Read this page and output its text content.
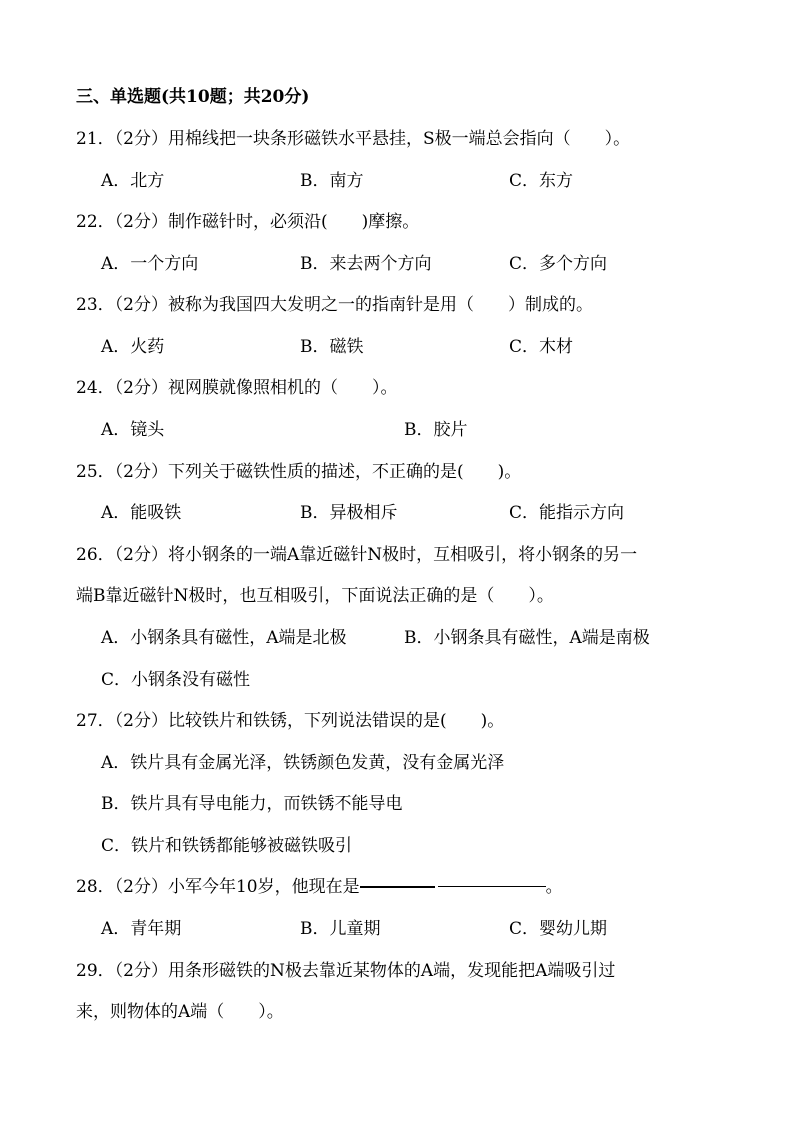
三、单选题(共10题；共20分)
21．（2分）用棉线把一块条形磁铁水平悬挂，S极一端总会指向（　　）。
A．北方	B．南方	C．东方
22．（2分）制作磁针时，必须沿(　　)摩擦。
A．一个方向	B．来去两个方向	C．多个方向
23．（2分）被称为我国四大发明之一的指南针是用（　　）制成的。
A．火药	B．磁铁	C．木材
24．（2分）视网膜就像照相机的（　　）。
A．镜头	B．胶片
25．（2分）下列关于磁铁性质的描述，不正确的是(　　)。
A．能吸铁	B．异极相斥	C．能指示方向
26．（2分）将小钢条的一端A靠近磁针N极时，互相吸引，将小钢条的另一
端B靠近磁针N极时，也互相吸引，下面说法正确的是（　　）。
A．小钢条具有磁性，A端是北极	B．小钢条具有磁性，A端是南极
C．小钢条没有磁性
27．（2分）比较铁片和铁锈，下列说法错误的是(　　)。
A．铁片具有金属光泽，铁锈颜色发黄，没有金属光泽
B．铁片具有导电能力，而铁锈不能导电
C．铁片和铁锈都能够被磁铁吸引
28．（2分）小军今年10岁，他现在是	。
A．青年期	B．儿童期	C．婴幼儿期
29．（2分）用条形磁铁的N极去靠近某物体的A端，发现能把A端吸引过
来，则物体的A端（　　）。
